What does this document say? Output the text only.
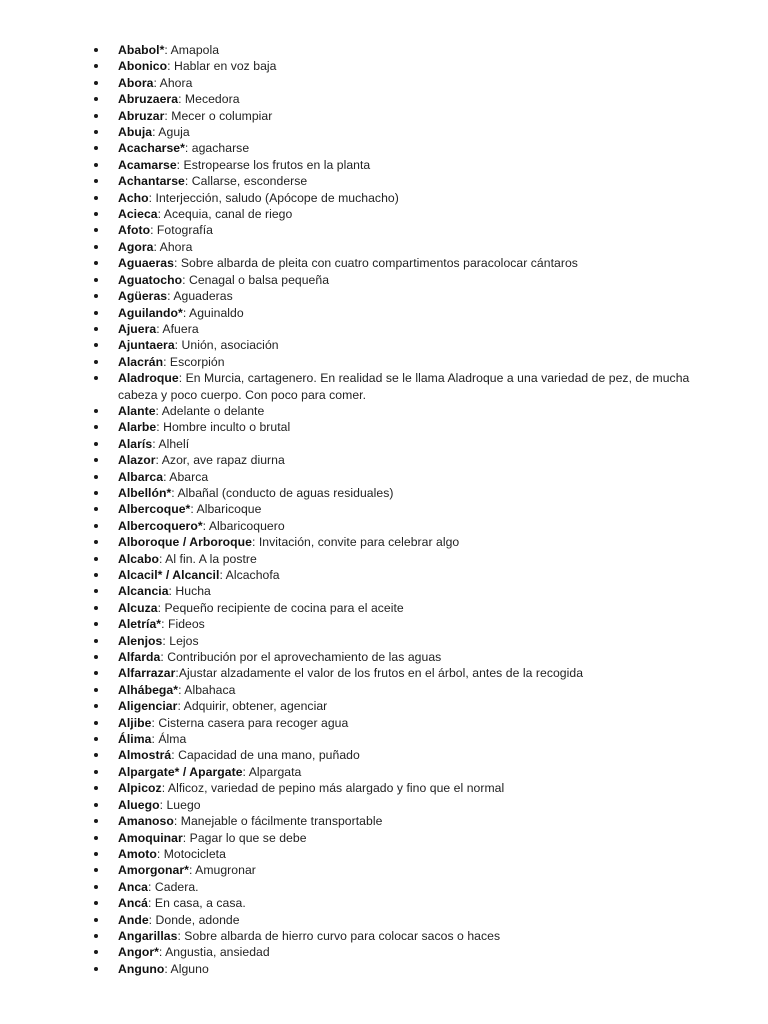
Ababol*: Amapola
Abonico: Hablar en voz baja
Abora: Ahora
Abruzaera: Mecedora
Abruzar: Mecer o columpiar
Abuja: Aguja
Acacharse*: agacharse
Acamarse: Estropearse los frutos en la planta
Achantarse: Callarse, esconderse
Acho: Interjección, saludo (Apócope de muchacho)
Acieca: Acequia, canal de riego
Afoto: Fotografía
Agora: Ahora
Aguaeras: Sobre albarda de pleita con cuatro compartimentos paracolocar cántaros
Aguatocho: Cenagal o balsa pequeña
Agüeras: Aguaderas
Aguilando*: Aguinaldo
Ajuera: Afuera
Ajuntaera: Unión, asociación
Alacrán: Escorpión
Aladroque: En Murcia, cartagenero. En realidad se le llama Aladroque a una variedad de pez, de mucha cabeza y poco cuerpo. Con poco para comer.
Alante: Adelante o delante
Alarbe: Hombre inculto o brutal
Alarís: Alhelí
Alazor: Azor, ave rapaz diurna
Albarca: Abarca
Albellón*: Albañal (conducto de aguas residuales)
Albercoque*: Albaricoque
Albercoquero*: Albaricoquero
Alboroque / Arboroque: Invitación, convite para celebrar algo
Alcabo: Al fin. A la postre
Alcacil* / Alcancil: Alcachofa
Alcancia: Hucha
Alcuza: Pequeño recipiente de cocina para el aceite
Aletría*: Fideos
Alenjos: Lejos
Alfarda: Contribución por el aprovechamiento de las aguas
Alfarrazar:Ajustar alzadamente el valor de los frutos en el árbol, antes de la recogida
Alhábega*: Albahaca
Aligenciar: Adquirir, obtener, agenciar
Aljibe: Cisterna casera para recoger agua
Álima: Álma
Almostrá: Capacidad de una mano, puñado
Alpargate* / Apargate: Alpargata
Alpicoz: Alficoz, variedad de pepino más alargado y fino que el normal
Aluego: Luego
Amanoso: Manejable o fácilmente transportable
Amoquinar: Pagar lo que se debe
Amoto: Motocicleta
Amorgonar*: Amugronar
Anca: Cadera.
Ancá: En casa, a casa.
Ande: Donde, adonde
Angarillas: Sobre albarda de hierro curvo para colocar sacos o haces
Angor*: Angustia, ansiedad
Anguno: Alguno
